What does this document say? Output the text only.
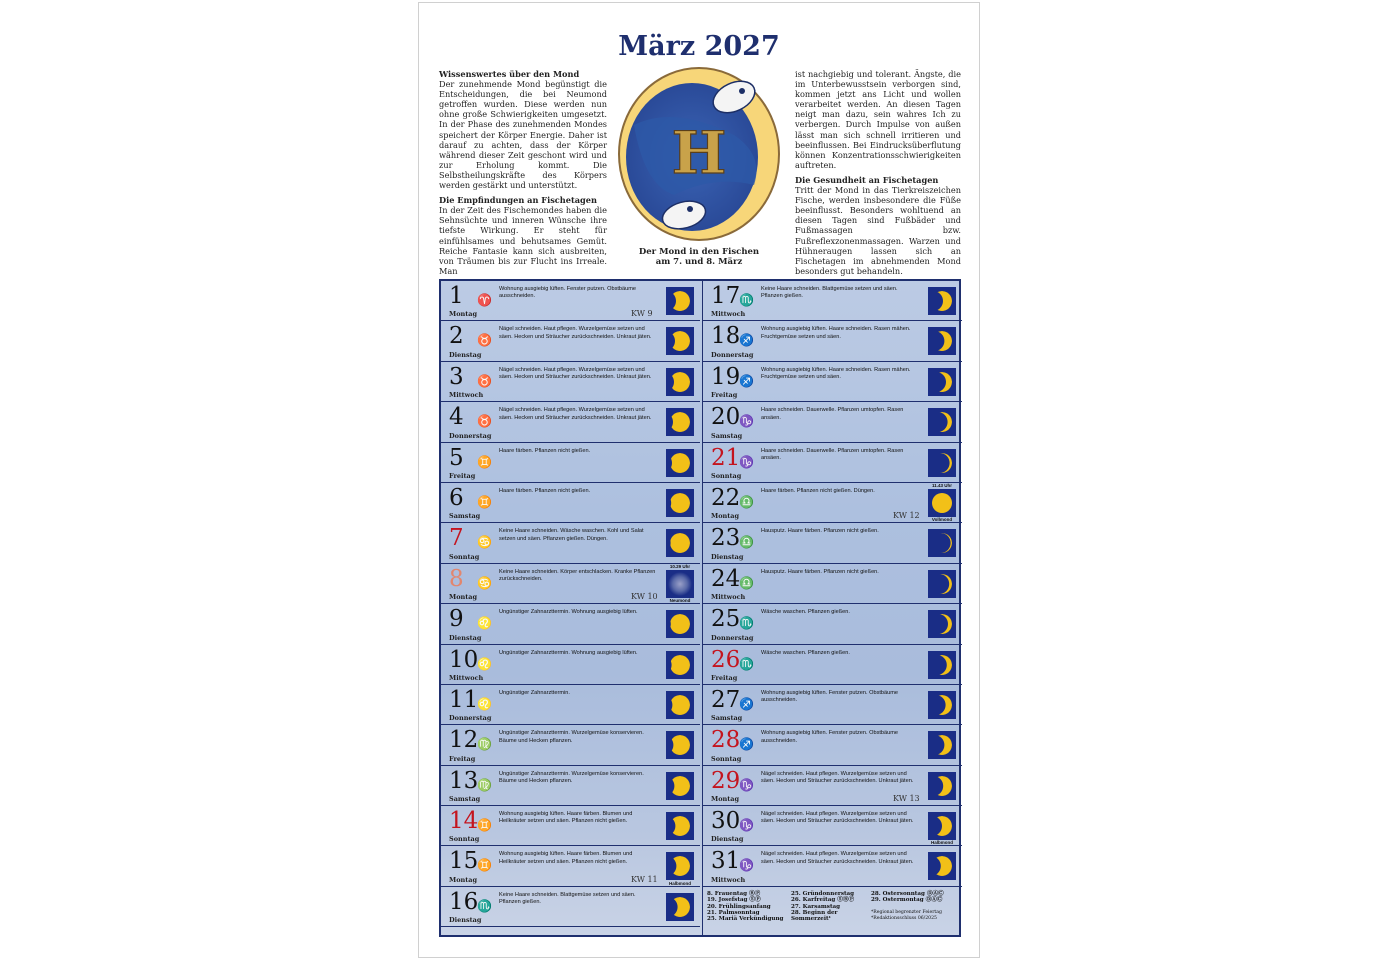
März 2027

Wissenswertes über den Mond
Der zunehmende Mond begünstigt die Entscheidungen, die bei Neumond getroffen wurden. Diese werden nun ohne große Schwierigkeiten umgesetzt. In der Phase des zunehmenden Mondes speichert der Körper Energie. Daher ist darauf zu achten, dass der Körper während dieser Zeit geschont wird und zur Erholung kommt. Die Selbstheilungskräfte des Körpers werden gestärkt und unterstützt.

Die Empfindungen an Fischetagen
In der Zeit des Fischemondes haben die Sehnsüchte und inneren Wünsche ihre tiefste Wirkung. Er steht für einfühlsames und behutsames Gemüt. Reiche Fantasie kann sich ausbreiten, von Träumen bis zur Flucht ins Irreale. Man

ist nachgiebig und tolerant. Ängste, die im Unterbewusstsein verborgen sind, kommen jetzt ans Licht und wollen verarbeitet werden. An diesen Tagen neigt man dazu, sein wahres Ich zu verbergen. Durch Impulse von außen lässt man sich schnell irritieren und beeinflussen. Bei Eindrucksüberflutung können Konzentrationsschwierigkeiten auftreten.

Die Gesundheit an Fischetagen
Tritt der Mond in das Tierkreiszeichen Fische, werden insbesondere die Füße beeinflusst. Besonders wohltuend an diesen Tagen sind Fußbäder und Fußmassagen bzw. Fußreflexzonenmassagen. Warzen und Hühneraugen lassen sich an Fischetagen im abnehmenden Mond besonders gut behandeln.

H
Der Mond in den Fischen
am 7. und 8. März
1
Montag
♈
Wohnung ausgiebig lüften. Fenster putzen. Obstbäume ausschneiden.
KW 9
2
Dienstag
♉
Nägel schneiden. Haut pflegen. Wurzelgemüse setzen und säen. Hecken und Sträucher zurückschneiden. Unkraut jäten.
3
Mittwoch
♉
Nägel schneiden. Haut pflegen. Wurzelgemüse setzen und säen. Hecken und Sträucher zurückschneiden. Unkraut jäten.
4
Donnerstag
♉
Nägel schneiden. Haut pflegen. Wurzelgemüse setzen und säen. Hecken und Sträucher zurückschneiden. Unkraut jäten.
5
Freitag
♊
Haare färben. Pflanzen nicht gießen.
6
Samstag
♊
Haare färben. Pflanzen nicht gießen.
7
Sonntag
♋
Keine Haare schneiden. Wäsche waschen. Kohl und Salat setzen und säen. Pflanzen gießen. Düngen.
8
Montag
♋
Keine Haare schneiden. Körper entschlacken. Kranke Pflanzen zurückschneiden.
KW 10
10.29 Uhr
Neumond
9
Dienstag
♌
Ungünstiger Zahnarzttermin. Wohnung ausgiebig lüften.
10
Mittwoch
♌
Ungünstiger Zahnarzttermin. Wohnung ausgiebig lüften.
11
Donnerstag
♌
Ungünstiger Zahnarzttermin.
12
Freitag
♍
Ungünstiger Zahnarzttermin. Wurzelgemüse konservieren. Bäume und Hecken pflanzen.
13
Samstag
♍
Ungünstiger Zahnarzttermin. Wurzelgemüse konservieren. Bäume und Hecken pflanzen.
14
Sonntag
♊
Wohnung ausgiebig lüften. Haare färben. Blumen und Heilkräuter setzen und säen. Pflanzen nicht gießen.
15
Montag
♊
Wohnung ausgiebig lüften. Haare färben. Blumen und Heilkräuter setzen und säen. Pflanzen nicht gießen.
KW 11	Halbmond
16
Dienstag
♏
Keine Haare schneiden. Blattgemüse setzen und säen. Pflanzen gießen.
17
Mittwoch
♏
Keine Haare schneiden. Blattgemüse setzen und säen. Pflanzen gießen.
18
Donnerstag
♐
Wohnung ausgiebig lüften. Haare schneiden. Rasen mähen. Fruchtgemüse setzen und säen.
19
Freitag
♐
Wohnung ausgiebig lüften. Haare schneiden. Rasen mähen. Fruchtgemüse setzen und säen.
20
Samstag
♑
Haare schneiden. Dauerwelle. Pflanzen umtopfen. Rasen ansäen.
21
Sonntag
♑
Haare schneiden. Dauerwelle. Pflanzen umtopfen. Rasen ansäen.
22
Montag
♎
Haare färben. Pflanzen nicht gießen. Düngen.
KW 12
11.43 Uhr
Vollmond
23
Dienstag
♎
Hausputz. Haare färben. Pflanzen nicht gießen.
24
Mittwoch
♎
Hausputz. Haare färben. Pflanzen nicht gießen.
25
Donnerstag
♏
Wäsche waschen. Pflanzen gießen.
26
Freitag
♏
Wäsche waschen. Pflanzen gießen.
27
Samstag
♐
Wohnung ausgiebig lüften. Fenster putzen. Obstbäume ausschneiden.
28
Sonntag
♐
Wohnung ausgiebig lüften. Fenster putzen. Obstbäume ausschneiden.
29
Montag
♑
Nägel schneiden. Haut pflegen. Wurzelgemüse setzen und säen. Hecken und Sträucher zurückschneiden. Unkraut jäten.
KW 13
30
Dienstag
♑
Nägel schneiden. Haut pflegen. Wurzelgemüse setzen und säen. Hecken und Sträucher zurückschneiden. Unkraut jäten.
Halbmond
31
Mittwoch
♑
Nägel schneiden. Haut pflegen. Wurzelgemüse setzen und säen. Hecken und Sträucher zurückschneiden. Unkraut jäten.
8. Frauentag ⒷⓅ
19. Josefstag ⓈⓅ
20. Frühlingsanfang
21. Palmsonntag
25. Mariä Verkündigung
25. Gründonnerstag
26. Karfreitag ⓈⒷⓅ
27. Karsamstag
28. Beginn der
Sommerzeit¹
28. Ostersonntag ⒹⒶⒸ
29. Ostermontag ⒹⒶⒸ

*Regional begrenzter Feiertag
*Redaktionsschluss 06/2025
